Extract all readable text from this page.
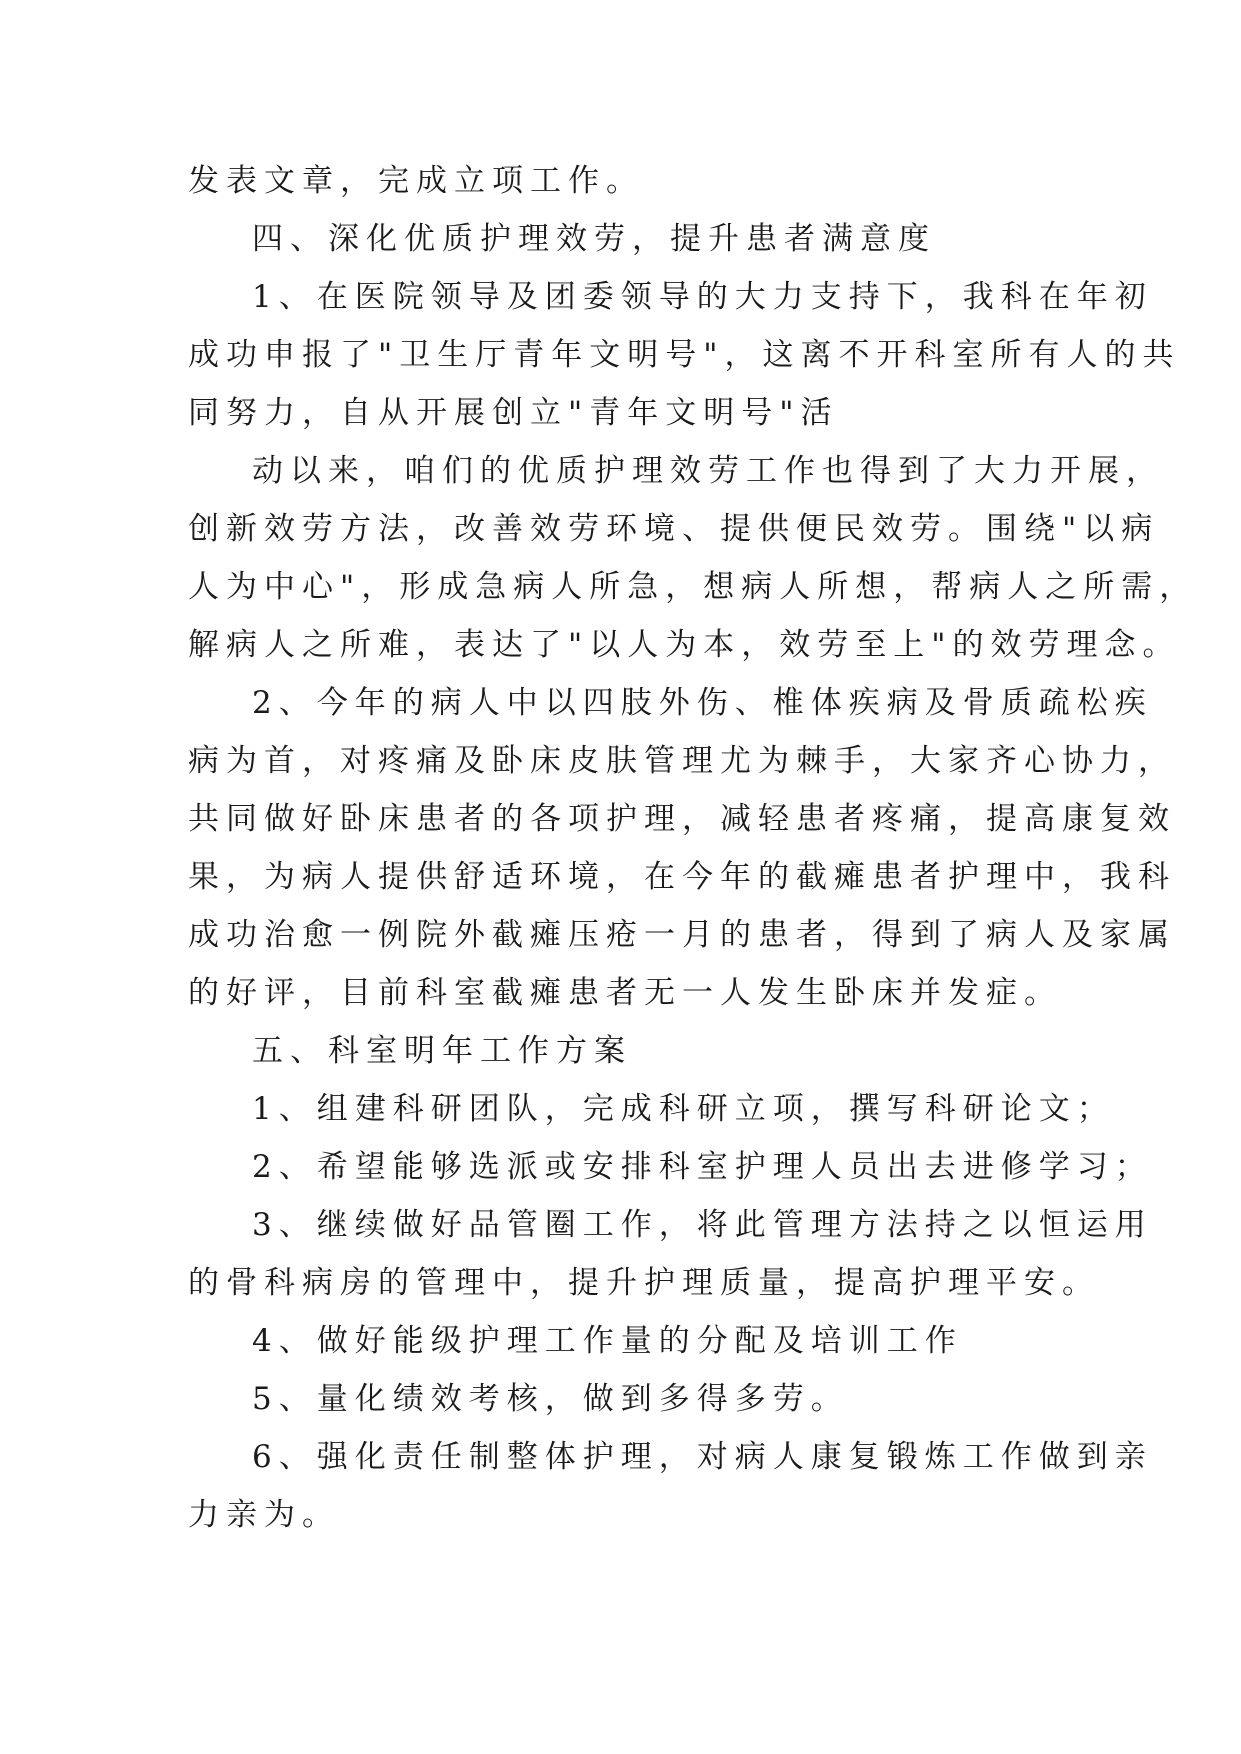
发表文章，完成立项工作。
四、深化优质护理效劳，提升患者满意度
1、在医院领导及团委领导的大力支持下，我科在年初
成功申报了"卫生厅青年文明号"，这离不开科室所有人的共
同努力，自从开展创立"青年文明号"活
动以来，咱们的优质护理效劳工作也得到了大力开展，
创新效劳方法，改善效劳环境、提供便民效劳。围绕"以病
人为中心"，形成急病人所急，想病人所想，帮病人之所需，
解病人之所难，表达了"以人为本，效劳至上"的效劳理念。
2、今年的病人中以四肢外伤、椎体疾病及骨质疏松疾
病为首，对疼痛及卧床皮肤管理尤为棘手，大家齐心协力，
共同做好卧床患者的各项护理，减轻患者疼痛，提高康复效
果，为病人提供舒适环境，在今年的截瘫患者护理中，我科
成功治愈一例院外截瘫压疮一月的患者，得到了病人及家属
的好评，目前科室截瘫患者无一人发生卧床并发症。
五、科室明年工作方案
1、组建科研团队，完成科研立项，撰写科研论文；
2、希望能够选派或安排科室护理人员出去进修学习；
3、继续做好品管圈工作，将此管理方法持之以恒运用
的骨科病房的管理中，提升护理质量，提高护理平安。
4、做好能级护理工作量的分配及培训工作
5、量化绩效考核，做到多得多劳。
6、强化责任制整体护理，对病人康复锻炼工作做到亲
力亲为。
